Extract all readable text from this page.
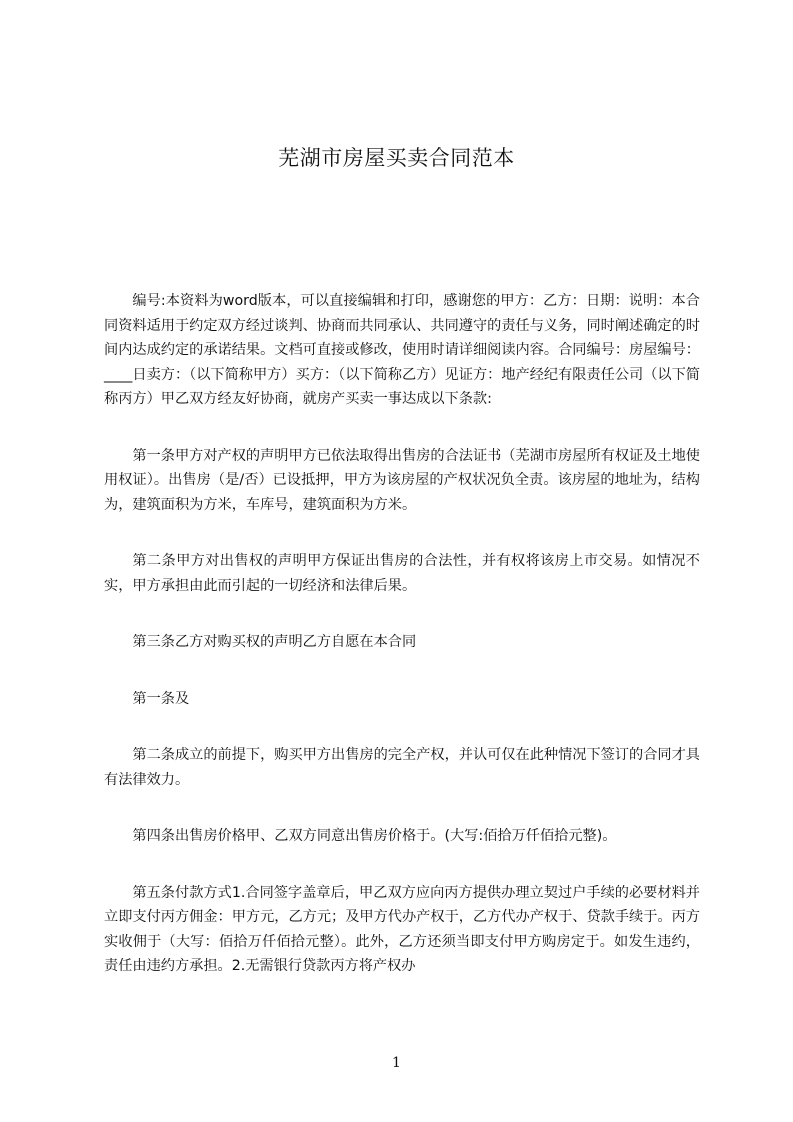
芜湖市房屋买卖合同范本

编号:本资料为word版本，可以直接编辑和打印，感谢您的甲方：乙方：日期：说明：本合同资料适用于约定双方经过谈判、协商而共同承认、共同遵守的责任与义务，同时阐述确定的时间内达成约定的承诺结果。文档可直接或修改，使用时请详细阅读内容。合同编号：房屋编号：____日卖方：（以下简称甲方）买方：（以下简称乙方）见证方：地产经纪有限责任公司（以下简称丙方）甲乙双方经友好协商，就房产买卖一事达成以下条款:

第一条甲方对产权的声明甲方已依法取得出售房的合法证书（芜湖市房屋所有权证及土地使用权证）。出售房（是/否）已设抵押，甲方为该房屋的产权状况负全责。该房屋的地址为，结构为，建筑面积为方米，车库号，建筑面积为方米。

第二条甲方对出售权的声明甲方保证出售房的合法性，并有权将该房上市交易。如情况不实，甲方承担由此而引起的一切经济和法律后果。

第三条乙方对购买权的声明乙方自愿在本合同

第一条及

第二条成立的前提下，购买甲方出售房的完全产权，并认可仅在此种情况下签订的合同才具有法律效力。

第四条出售房价格甲、乙双方同意出售房价格于。(大写:佰拾万仟佰拾元整)。

第五条付款方式1.合同签字盖章后，甲乙双方应向丙方提供办理立契过户手续的必要材料并立即支付丙方佣金：甲方元，乙方元；及甲方代办产权于，乙方代办产权于、贷款手续于。丙方实收佣于（大写：佰拾万仟佰拾元整）。此外，乙方还须当即支付甲方购房定于。如发生违约，责任由违约方承担。2.无需银行贷款丙方将产权办

1
